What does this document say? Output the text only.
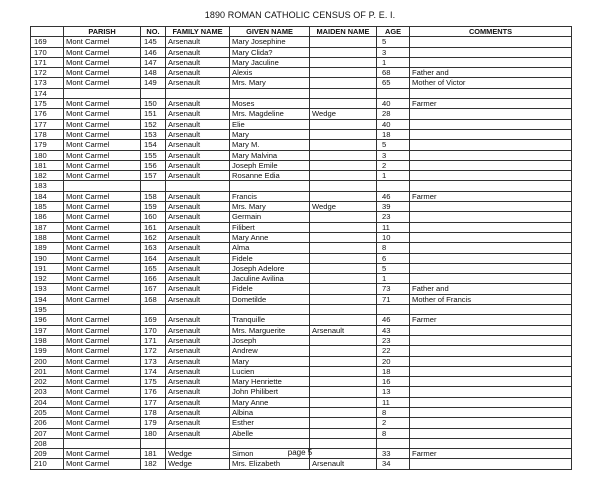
1890 ROMAN CATHOLIC CENSUS OF P. E. I.
	PARISH	NO.	FAMILY NAME	GIVEN NAME	MAIDEN NAME	AGE	COMMENTS
169	Mont Carmel	145	Arsenault	Mary Josephine		5	
170	Mont Carmel	146	Arsenault	Mary Clida?		3	
171	Mont Carmel	147	Arsenault	Mary Jaculine		1	
172	Mont Carmel	148	Arsenault	Alexis		68	Father and
173	Mont Carmel	149	Arsenault	Mrs. Mary		65	Mother of Victor
174							
175	Mont Carmel	150	Arsenault	Moses		40	Farmer
176	Mont Carmel	151	Arsenault	Mrs. Magdeline	Wedge	28	
177	Mont Carmel	152	Arsenault	Elie		40	
178	Mont Carmel	153	Arsenault	Mary		18	
179	Mont Carmel	154	Arsenault	Mary M.		5	
180	Mont Carmel	155	Arsenault	Mary Malvina		3	
181	Mont Carmel	156	Arsenault	Joseph Emile		2	
182	Mont Carmel	157	Arsenault	Rosanne Edia		1	
183							
184	Mont Carmel	158	Arsenault	Francis		46	Farmer
185	Mont Carmel	159	Arsenault	Mrs. Mary	Wedge	39	
186	Mont Carmel	160	Arsenault	Germain		23	
187	Mont Carmel	161	Arsenault	Filibert		11	
188	Mont Carmel	162	Arsenault	Mary Anne		10	
189	Mont Carmel	163	Arsenault	Alma		8	
190	Mont Carmel	164	Arsenault	Fidele		6	
191	Mont Carmel	165	Arsenault	Joseph Adelore		5	
192	Mont Carmel	166	Arsenault	Jaculine Avilina		1	
193	Mont Carmel	167	Arsenault	Fidele		73	Father and
194	Mont Carmel	168	Arsenault	Dometilde		71	Mother of Francis
195							
196	Mont Carmel	169	Arsenault	Tranquille		46	Farmer
197	Mont Carmel	170	Arsenault	Mrs. Marguerite	Arsenault	43	
198	Mont Carmel	171	Arsenault	Joseph		23	
199	Mont Carmel	172	Arsenault	Andrew		22	
200	Mont Carmel	173	Arsenault	Mary		20	
201	Mont Carmel	174	Arsenault	Lucien		18	
202	Mont Carmel	175	Arsenault	Mary Henriette		16	
203	Mont Carmel	176	Arsenault	John Philibert		13	
204	Mont Carmel	177	Arsenault	Mary Anne		11	
205	Mont Carmel	178	Arsenault	Albina		8	
206	Mont Carmel	179	Arsenault	Esther		2	
207	Mont Carmel	180	Arsenault	Abelle		8	
208							
209	Mont Carmel	181	Wedge	Simon		33	Farmer
210	Mont Carmel	182	Wedge	Mrs. Elizabeth	Arsenault	34	
page 5
